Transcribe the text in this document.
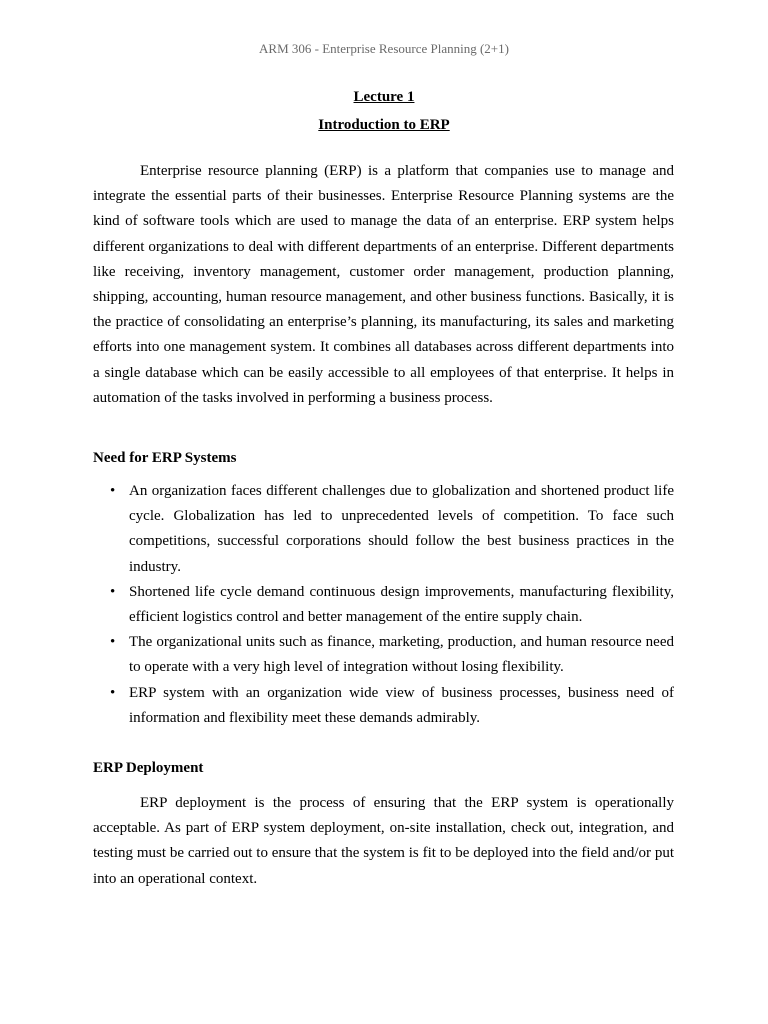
ARM 306 - Enterprise Resource Planning (2+1)
Lecture 1
Introduction to ERP

Enterprise resource planning (ERP) is a platform that companies use to manage and integrate the essential parts of their businesses. Enterprise Resource Planning systems are the kind of software tools which are used to manage the data of an enterprise. ERP system helps different organizations to deal with different departments of an enterprise. Different departments like receiving, inventory management, customer order management, production planning, shipping, accounting, human resource management, and other business functions. Basically, it is the practice of consolidating an enterprise’s planning, its manufacturing, its sales and marketing efforts into one management system. It combines all databases across different departments into a single database which can be easily accessible to all employees of that enterprise. It helps in automation of the tasks involved in performing a business process.

Need for ERP Systems

• An organization faces different challenges due to globalization and shortened product life cycle. Globalization has led to unprecedented levels of competition. To face such competitions, successful corporations should follow the best business practices in the industry.
• Shortened life cycle demand continuous design improvements, manufacturing flexibility, efficient logistics control and better management of the entire supply chain.
• The organizational units such as finance, marketing, production, and human resource need to operate with a very high level of integration without losing flexibility.
• ERP system with an organization wide view of business processes, business need of information and flexibility meet these demands admirably.

ERP Deployment

ERP deployment is the process of ensuring that the ERP system is operationally acceptable. As part of ERP system deployment, on-site installation, check out, integration, and testing must be carried out to ensure that the system is fit to be deployed into the field and/or put into an operational context.
